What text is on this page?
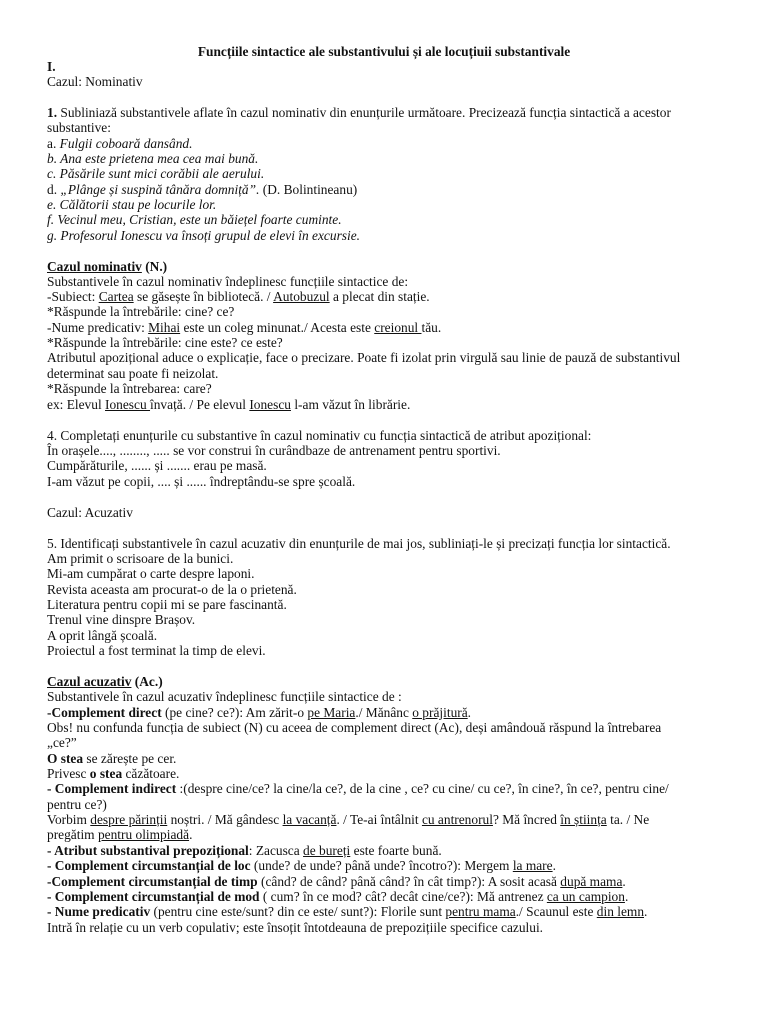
Funcțiile sintactice ale substantivului și ale locuțiuii substantivale
I.
Cazul: Nominativ
1. Subliniază substantivele aflate în cazul nominativ din enunțurile următoare. Precizează funcția sintactică a acestor
substantive:
a. Fulgii coboară dansând.
b. Ana este prietena mea cea mai bună.
c. Păsările sunt mici corăbii ale aerului.
d. „Plânge și suspină tânăra domniță”. (D. Bolintineanu)
e. Călătorii stau pe locurile lor.
f. Vecinul meu, Cristian, este un băiețel foarte cuminte.
g. Profesorul Ionescu va însoți grupul de elevi în excursie.
Cazul nominativ (N.)
Substantivele în cazul nominativ îndeplinesc funcțiile sintactice de:
-Subiect: Cartea se găsește în bibliotecă. / Autobuzul a plecat din stație.
*Răspunde la întrebările: cine? ce?
-Nume predicativ: Mihai este un coleg minunat./ Acesta este creionul tău.
*Răspunde la întrebările: cine este? ce este?
Atributul apozițional aduce o explicație, face o precizare. Poate fi izolat prin virgulă sau linie de pauză de substantivul
determinat sau poate fi neizolat.
*Răspunde la întrebarea: care?
ex: Elevul Ionescu învață. / Pe elevul Ionescu l-am văzut în librărie.
4. Completați enunțurile cu substantive în cazul nominativ cu funcția sintactică de atribut apozițional:
În orașele...., ........, ..... se vor construi în curândbaze de antrenament pentru sportivi.
Cumpărăturile, ...... și ....... erau pe masă.
I-am văzut pe copii, .... și ...... îndreptându-se spre școală.
Cazul: Acuzativ
5. Identificați substantivele în cazul acuzativ din enunțurile de mai jos, subliniați-le și precizați funcția lor sintactică.
Am primit o scrisoare de la bunici.
Mi-am cumpărat o carte despre laponi.
Revista aceasta am procurat-o de la o prietenă.
Literatura pentru copii mi se pare fascinantă.
Trenul vine dinspre Brașov.
A oprit lângă școală.
Proiectul a fost terminat la timp de elevi.
Cazul acuzativ (Ac.)
Substantivele în cazul acuzativ îndeplinesc funcțiile sintactice de :
-Complement direct (pe cine? ce?): Am zărit-o pe Maria./ Mănânc o prăjitură.
Obs! nu confunda funcția de subiect (N) cu aceea de complement direct (Ac), deși amândouă răspund la întrebarea
„ce?”
O stea se zărește pe cer.
Privesc o stea căzătoare.
- Complement indirect :(despre cine/ce? la cine/la ce?, de la cine , ce? cu cine/ cu ce?, în cine?, în ce?, pentru cine/
pentru ce?)
Vorbim despre părinții noștri. / Mă gândesc la vacanță. / Te-ai întâlnit cu antrenorul? Mă încred în știința ta. / Ne
pregătim pentru olimpiadă.
- Atribut substantival prepozițional: Zacusca de bureți este foarte bună.
- Complement circumstanțial de loc (unde? de unde? până unde? încotro?): Mergem la mare.
-Complement circumstanțial de timp (când? de când? până când? în cât timp?): A sosit acasă după mama.
- Complement circumstanțial de mod ( cum? în ce mod? cât? decât cine/ce?): Mă antrenez ca un campion.
- Nume predicativ (pentru cine este/sunt? din ce este/ sunt?): Florile sunt pentru mama./ Scaunul este din lemn.
Intră în relație cu un verb copulativ; este însoțit întotdeauna de prepozițiile specifice cazului.
